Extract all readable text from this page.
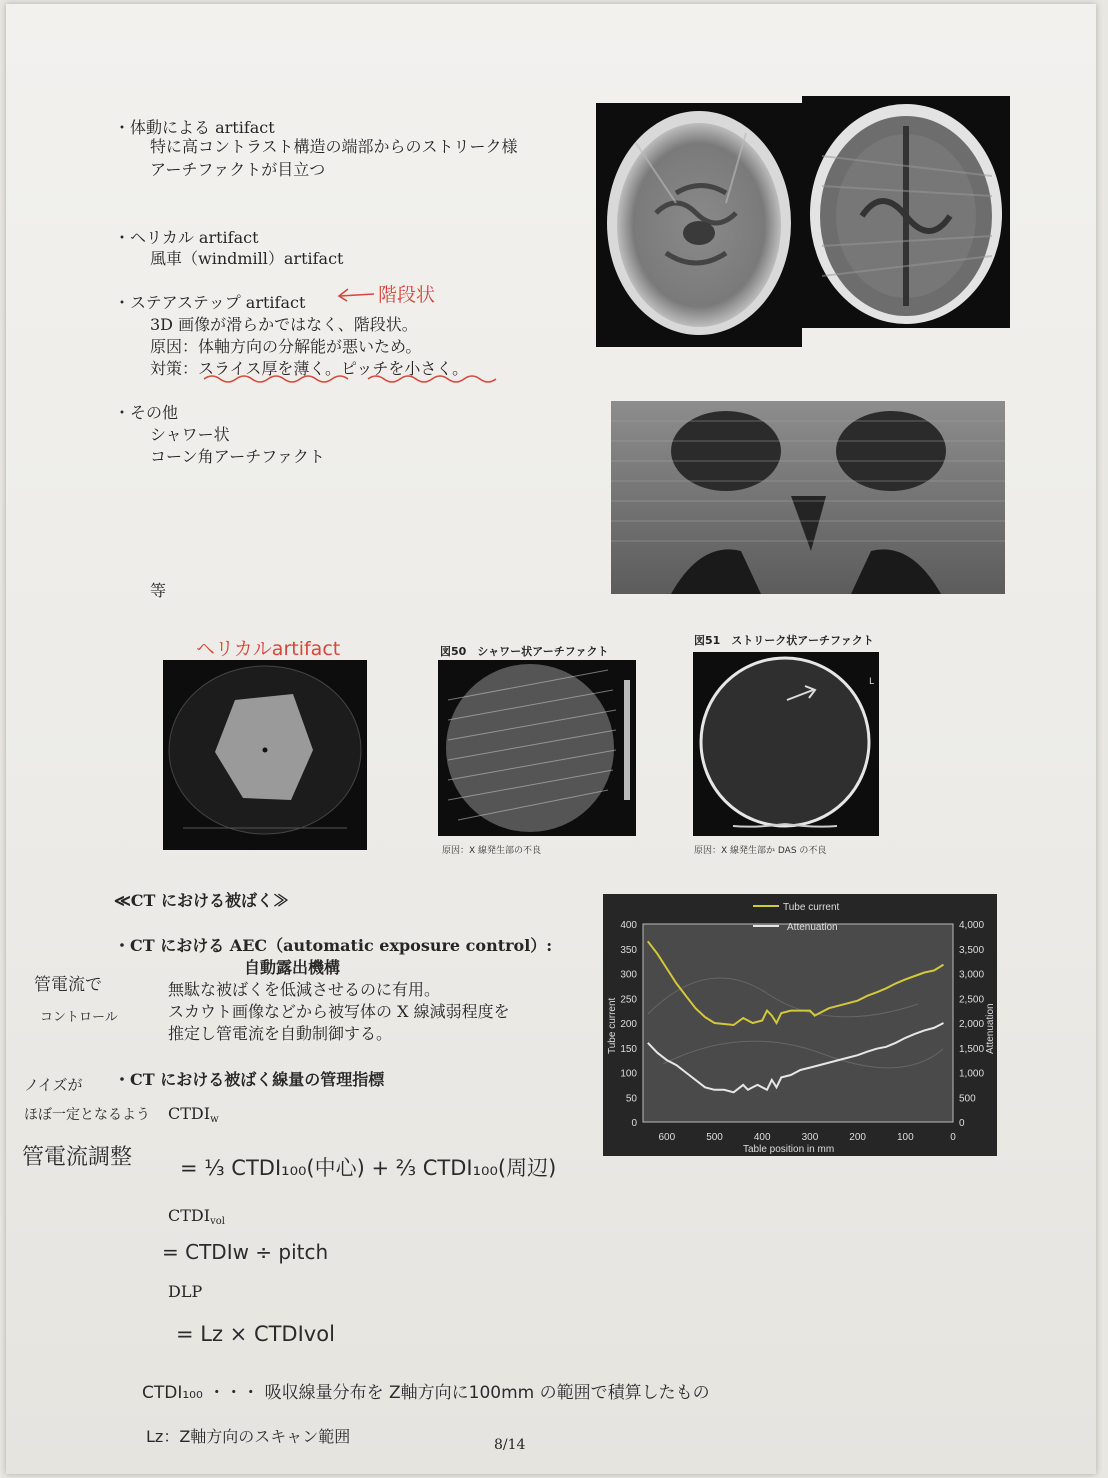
・体動による artifact
特に高コントラスト構造の端部からのストリーク様
アーチファクトが目立つ
・ヘリカル artifact
風車（windmill）artifact
・ステアステップ artifact	階段状
3D 画像が滑らかではなく、階段状。
原因：体軸方向の分解能が悪いため。
対策：スライス厚を薄く。ピッチを小さく。
・その他
シャワー状
コーン角アーチファクト
等
ヘリカルartifact	図50　シャワー状アーチファクト
原因：X 線発生部の不良
図51　ストリーク状アーチファクト
L
原因：X 線発生部か DAS の不良
≪CT における被ばく≫
・CT における AEC（automatic exposure control）:
自動露出機構
無駄な被ばくを低減させるのに有用。
スカウト画像などから被写体の X 線減弱程度を
推定し管電流を自動制御する。
管電流で
コントロール
・CT における被ばく線量の管理指標
ノイズが
ほぼ一定となるよう
管電流調整
$CTDI_w$
= ⅓ CTDI₁₀₀(中心) + ⅔ CTDI₁₀₀(周辺)
$CTDI_{vol}$
= CTDIw ÷ pitch
DLP
= Lz × CTDIvol
CTDI₁₀₀ ・・・ 吸収線量分布を Z軸方向に100mm の範囲で積算したもの
Lz：Z軸方向のスキャン範囲	8/14
Tube current
Attenuation
0
50
100
150
200
250
300
350
400
0
500
1,000
1,500
2,000
2,500
3,000
3,500
4,000
600	500	400	300	200	100	0
Tube current	Attenuation
Table position in mm
